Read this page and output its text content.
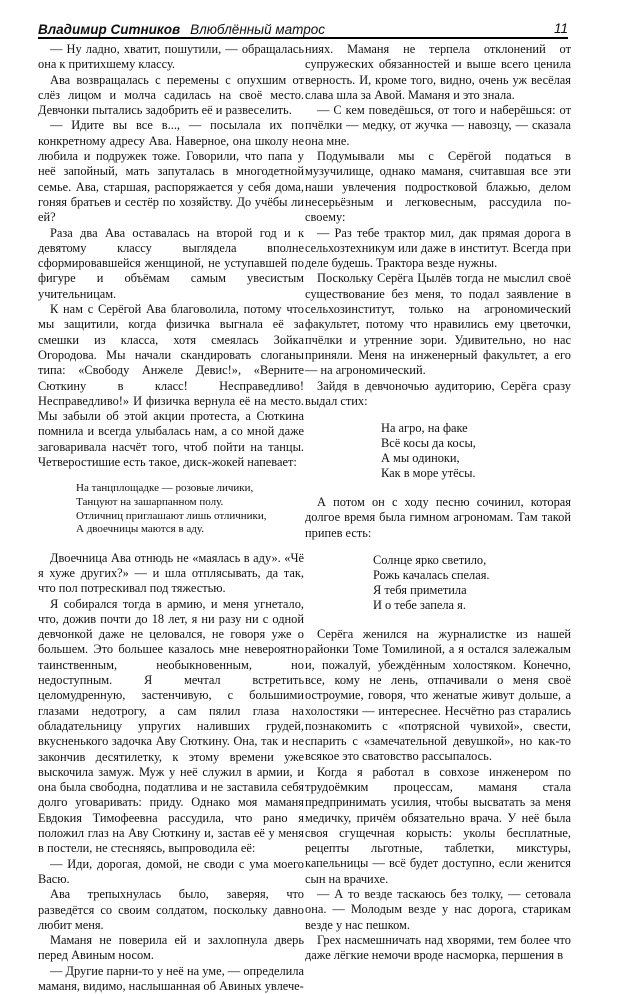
Владимир Ситников Влюблённый матрос	11

— Ну ладно, хватит, пошутили, — обращалась она к притихшему классу.

Ава возвращалась с перемены с опухшим от слёз лицом и молча садилась на своё место. Девчонки пытались задобрить её и развеселить.

— Идите вы все в..., — посылала их по конкретному адресу Ава. Наверное, она школу не любила и подружек тоже. Говорили, что папа у неё запойный, мать запуталась в многодетной семье. Ава, старшая, распоряжается у себя дома, гоняя братьев и сестёр по хозяйству. До учёбы ли ей?

Раза два Ава оставалась на второй год и к девятому классу выглядела вполне сформировавшейся женщиной, не уступавшей по фигуре и объёмам самым увесистым учительницам.

К нам с Серёгой Ава благоволила, потому что мы защитили, когда физичка выгнала её за смешки из класса, хотя смеялась Зойка Огородова. Мы начали скандировать слоганы типа: «Свободу Анжеле Девис!», «Верните Сюткину в класс! Несправедливо! Несправедливо!» И физичка вернула её на место. Мы забыли об этой акции протеста, а Сюткина помнила и всегда улыбалась нам, а со мной даже заговаривала насчёт того, чтоб пойти на танцы. Четверостишие есть такое, диск-жокей напевает:

На танцплощадке — розовые личики,
Танцуют на зашарпанном полу.
Отличниц приглашают лишь отличники,
А двоечницы маются в аду.

Двоечница Ава отнюдь не «маялась в аду». «Чё я хуже других?» — и шла отплясывать, да так, что пол потрескивал под тяжестью.

Я собирался тогда в армию, и меня угнетало, что, дожив почти до 18 лет, я ни разу ни с одной девчонкой даже не целовался, не говоря уже о большем. Это большее казалось мне невероятно таинственным, необыкновенным, но недоступным. Я мечтал встретить целомудренную, застенчивую, с большими глазами недотрогу, а сам пялил глаза на обладательницу упругих наливших грудей, вкусненького задочка Аву Сюткину. Она, так и не закончив десятилетку, к этому времени уже выскочила замуж. Муж у неё служил в армии, и она была свободна, податлива и не заставила себя долго уговаривать: приду. Однако моя маманя Евдокия Тимофеевна рассудила, что рано я положил глаз на Аву Сюткину и, застав её у меня в постели, не стесняясь, выпроводила её:

— Иди, дорогая, домой, не своди с ума моего Васю.

Ава трепыхнулась было, заверяя, что разведётся со своим солдатом, поскольку давно любит меня.

Маманя не поверила ей и захлопнула дверь перед Авиным носом.

— Другие парни-то у неё на уме, — определила маманя, видимо, наслышанная об Авиных увлече-

ниях. Маманя не терпела отклонений от супружеских обязанностей и выше всего ценила верность. И, кроме того, видно, очень уж весёлая слава шла за Авой. Маманя и это знала.

— С кем поведёшься, от того и наберёшься: от пчёлки — медку, от жучка — навозцу, — сказала она мне.

Подумывали мы с Серёгой податься в музучилище, однако маманя, считавшая все эти наши увлечения подростковой блажью, делом несерьёзным и легковесным, рассудила по-своему:

— Раз тебе трактор мил, дак прямая дорога в сельхозтехникум или даже в институт. Всегда при деле будешь. Трактора везде нужны.

Поскольку Серёга Цылёв тогда не мыслил своё существование без меня, то подал заявление в сельхозинститут, только на агрономический факультет, потому что нравились ему цветочки, пчёлки и утренние зори. Удивительно, но нас приняли. Меня на инженерный факультет, а его — на агрономический.

Зайдя в девчоночью аудиторию, Серёга сразу выдал стих:

На агро, на факе
Всё косы да косы,
А мы одиноки,
Как в море утёсы.

А потом он с ходу песню сочинил, которая долгое время была гимном агрономам. Там такой припев есть:

Солнце ярко светило,
Рожь качалась спелая.
Я тебя приметила
И о тебе запела я.

Серёга женился на журналистке из нашей районки Томе Томилиной, а я остался залежалым и, пожалуй, убеждённым холостяком. Конечно, все, кому не лень, отпачивали о меня своё остроумие, говоря, что женатые живут дольше, а холостяки — интереснее. Несчётно раз старались познакомить с «потрясной чувихой», свести, спарить с «замечательной девушкой», но как-то всякое это сватовство рассыпалось.

Когда я работал в совхозе инженером по трудоёмким процессам, маманя стала предпринимать усилия, чтобы высватать за меня медичку, причём обязательно врача. У неё была своя сгущечная корысть: уколы бесплатные, рецепты льготные, таблетки, микстуры, капельницы — всё будет доступно, если женится сын на врачихе.

— А то везде таскаюсь без толку, — сетовала она. — Молодым везде у нас дорога, старикам везде у нас пешком.

Грех насмешничать над хворями, тем более что даже лёгкие немочи вроде насморка, першения в
